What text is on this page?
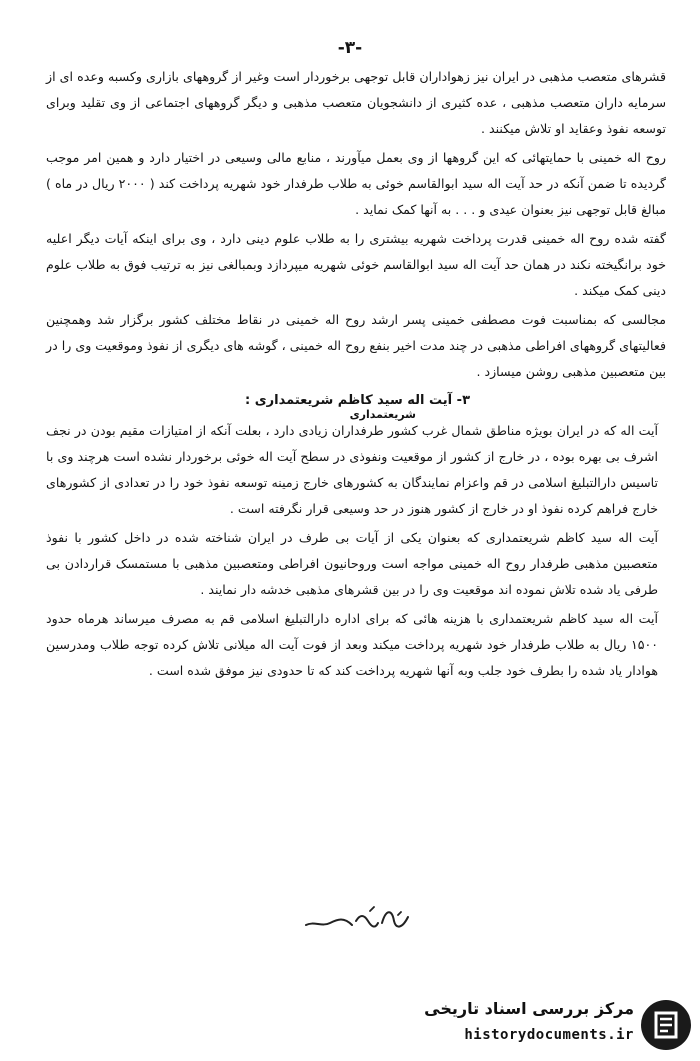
-۳-

قشرهای متعصب مذهبی در ایران نیز زهواداران قابل توجهی برخوردار است وغیر از گروههای بازاری وکسبه وعده ای از سرمایه داران متعصب مذهبی ، عده کثیری از دانشجویان متعصب مذهبی و دیگر گروههای اجتماعی از وی تقلید وبرای توسعه نفوذ وعقاید او تلاش میکنند .

روح اله خمینی با حمایتهائی که این گروهها از وی بعمل میآورند ، منابع مالی وسیعی در اختیار دارد و همین امر موجب گردیده تا ضمن آنکه در حد آیت اله سید ابوالقاسم خوئی به طلاب طرفدار خود شهریه پرداخت کند ( ۲۰۰۰ ریال در ماه ) مبالغ قابل توجهی نیز بعنوان عیدی و . . . به آنها کمک نماید .

گفته شده روح اله خمینی قدرت پرداخت شهریه بیشتری را به طلاب علوم دینی دارد ، وی برای اینکه آیات دیگر اعلیه خود برانگیخته نکند در همان حد آیت اله سید ابوالقاسم خوئی شهریه میپردازد وبمبالغی نیز به ترتیب فوق به طلاب علوم دینی کمک میکند .

مجالسی که بمناسبت فوت مصطفی خمینی پسر ارشد روح اله خمینی در نقاط مختلف کشور برگزار شد وهمچنین فعالیتهای گروههای افراطی مذهبی در چند مدت اخیر بنفع روح اله خمینی ، گوشه های دیگری از نفوذ وموقعیت وی را در بین متعصبین مذهبی روشن میسازد .

۳- آیت اله سید کاظم شریعتمداری :

شریعتمداری

آیت اله که در ایران بویژه مناطق شمال غرب کشور طرفداران زیادی دارد ، بعلت آنکه از امتیازات مقیم بودن در نجف اشرف بی بهره بوده ، در خارج از کشور از موقعیت ونفوذی در سطح آیت اله خوئی برخوردار نشده است هرچند وی با تاسیس دارالتبلیغ اسلامی در قم واعزام نمایندگان به کشورهای خارج زمینه توسعه نفوذ خود را در تعدادی از کشورهای خارج فراهم کرده نفوذ او در خارج از کشور هنوز در حد وسیعی قرار نگرفته است .

آیت اله سید کاظم شریعتمداری که بعنوان یکی از آیات بی طرف در ایران شناخته شده در داخل کشور با نفوذ متعصبین مذهبی طرفدار روح اله خمینی مواجه است وروحانیون افراطی ومتعصبین مذهبی با مستمسک قراردادن بی طرفی یاد شده تلاش نموده اند موقعیت وی را در بین قشرهای مذهبی خدشه دار نمایند .

آیت اله سید کاظم شریعتمداری با هزینه هائی که برای اداره دارالتبلیغ اسلامی قم به مصرف میرساند هرماه حدود ۱۵۰۰ ریال به طلاب طرفدار خود شهریه پرداخت میکند وبعد از فوت آیت اله میلانی تلاش کرده توجه طلاب ومدرسین هوادار یاد شده را بطرف خود جلب وبه آنها شهریه پرداخت کند که تا حدودی نیز موفق شده است .

مرکز بررسی اسناد تاریخی
historydocuments.ir
